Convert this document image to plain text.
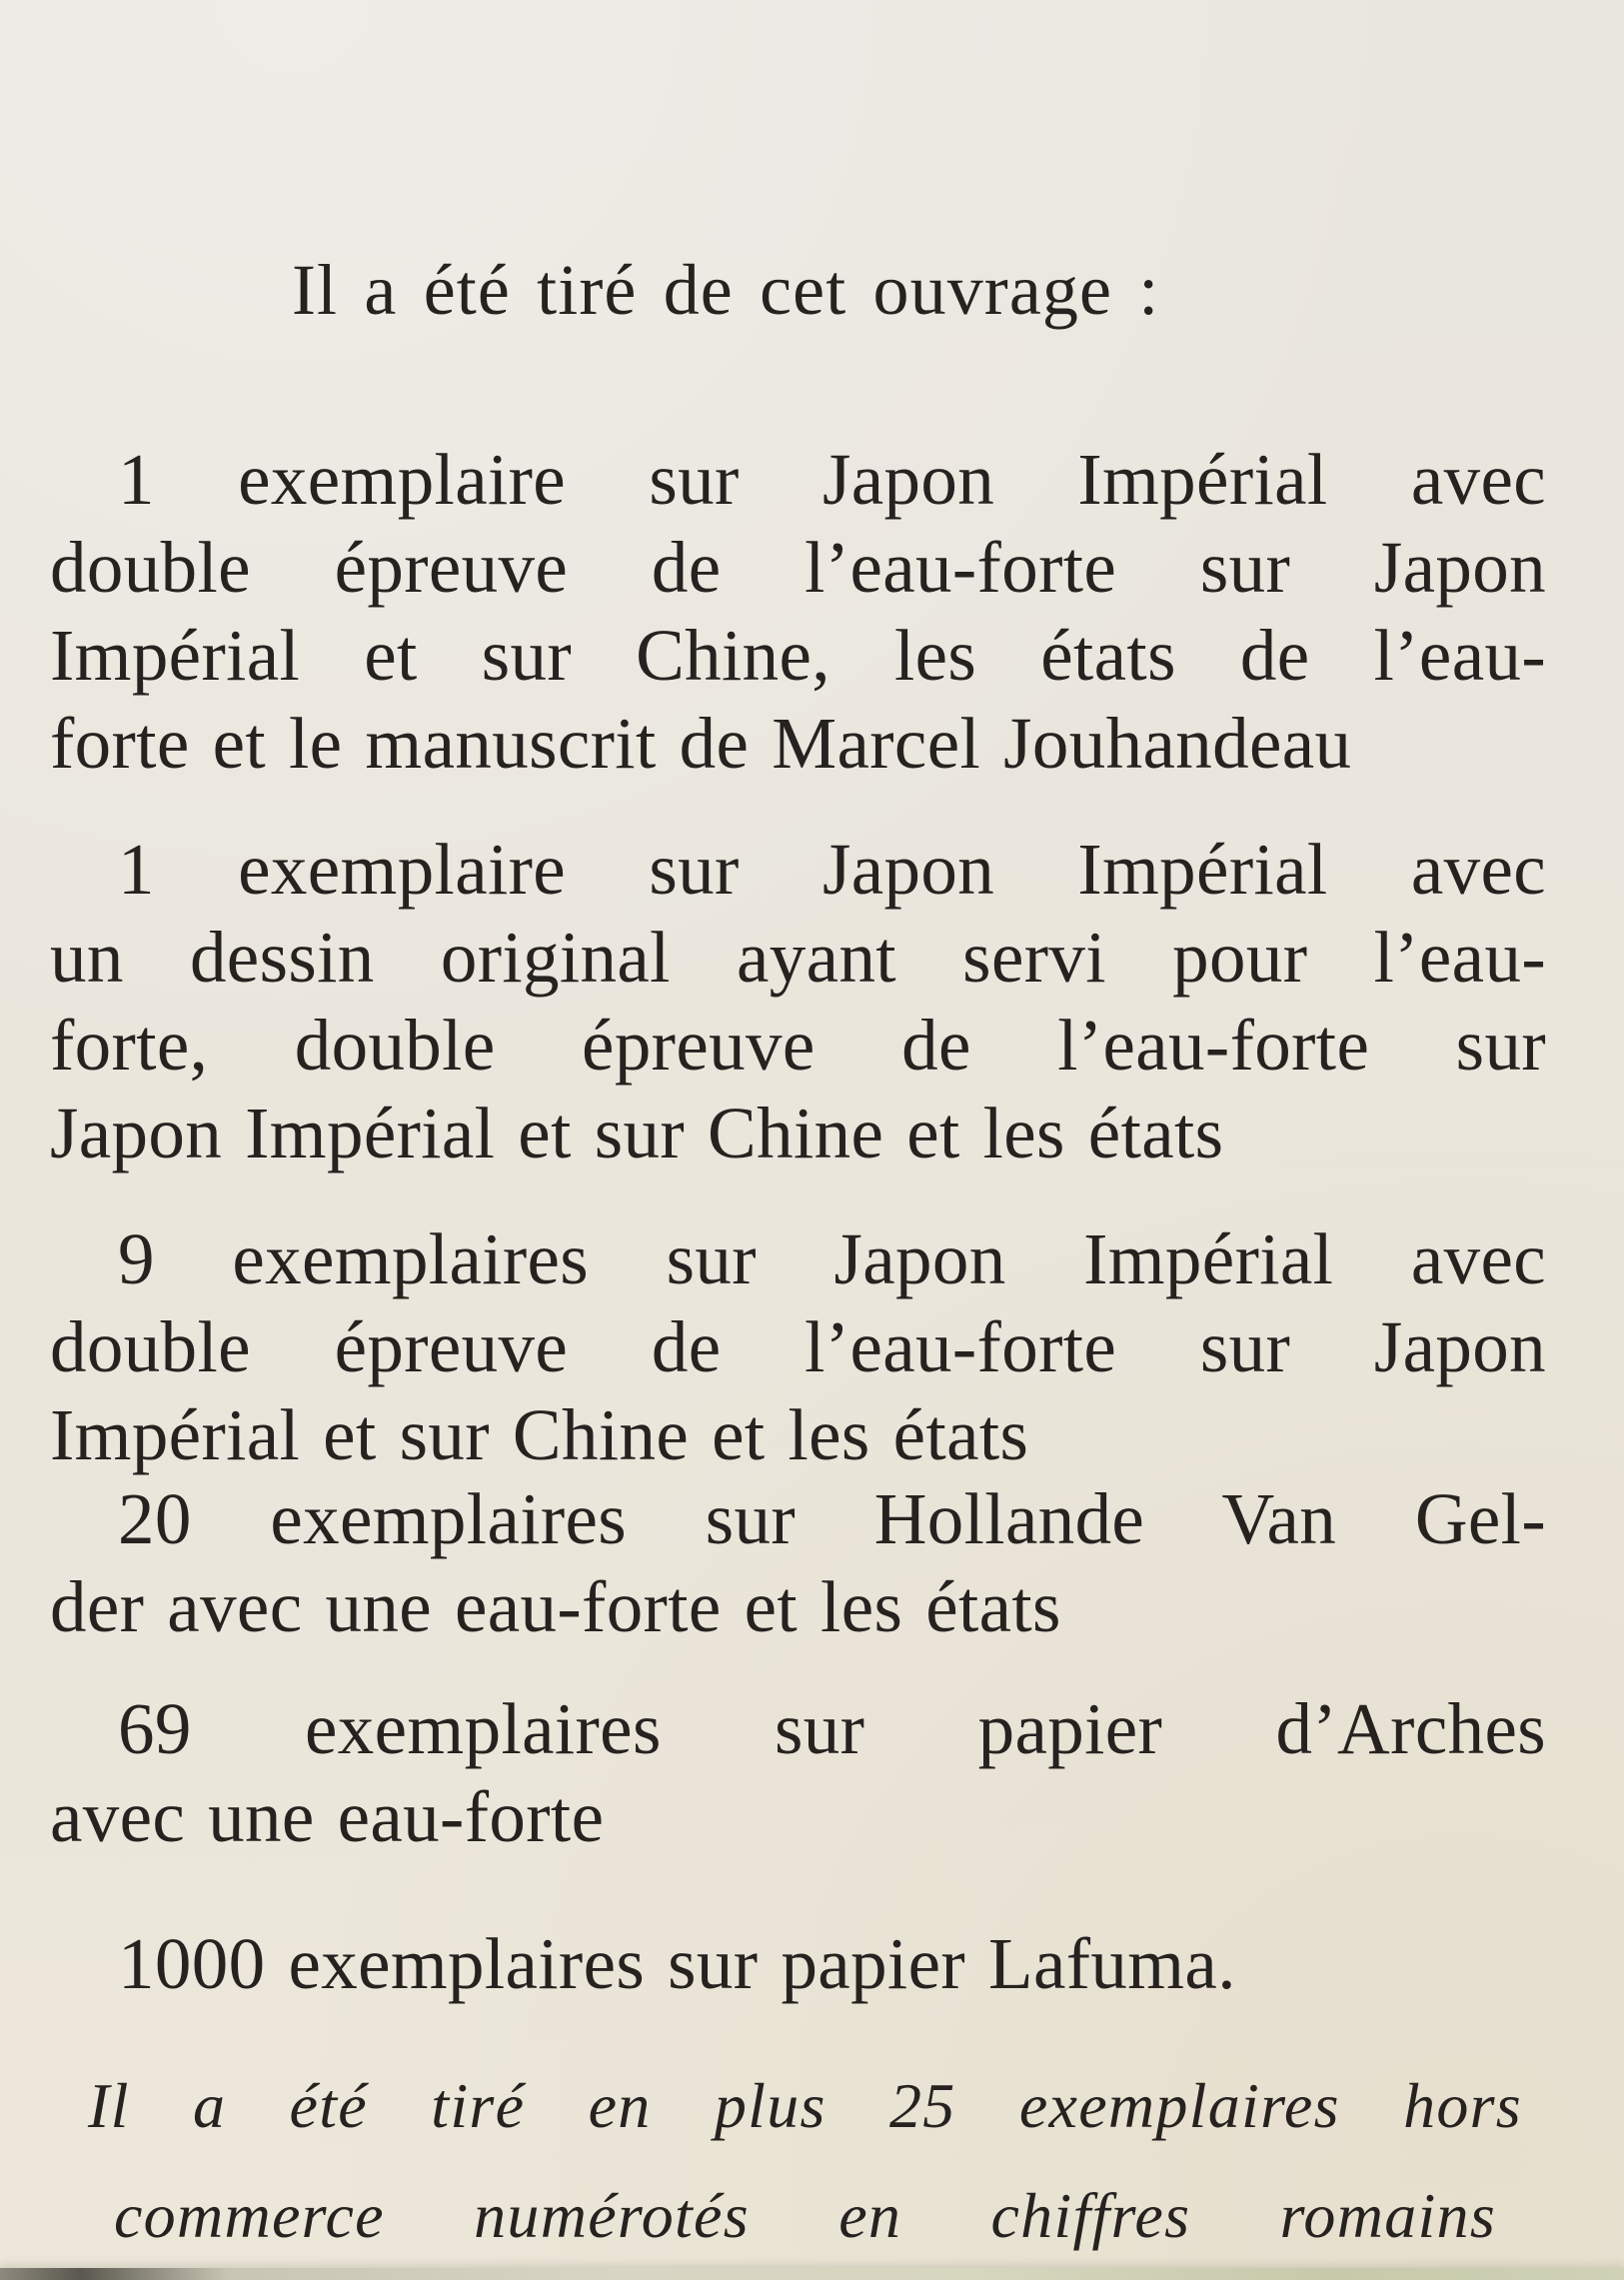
Il a été tiré de cet ouvrage :
1 exemplaire sur Japon Impérial avec
double épreuve de l’eau-forte sur Japon
Impérial et sur Chine, les états de l’eau-
forte et le manuscrit de Marcel Jouhandeau
1 exemplaire sur Japon Impérial avec
un dessin original ayant servi pour l’eau-
forte, double épreuve de l’eau-forte sur
Japon Impérial et sur Chine et les états
9 exemplaires sur Japon Impérial avec
double épreuve de l’eau-forte sur Japon
Impérial et sur Chine et les états
20 exemplaires sur Hollande Van Gel-
der avec une eau-forte et les états
69 exemplaires sur papier d’Arches
avec une eau-forte
1000 exemplaires sur papier Lafuma.
Il a été tiré en plus 25 exemplaires hors
commerce numérotés en chiffres romains
